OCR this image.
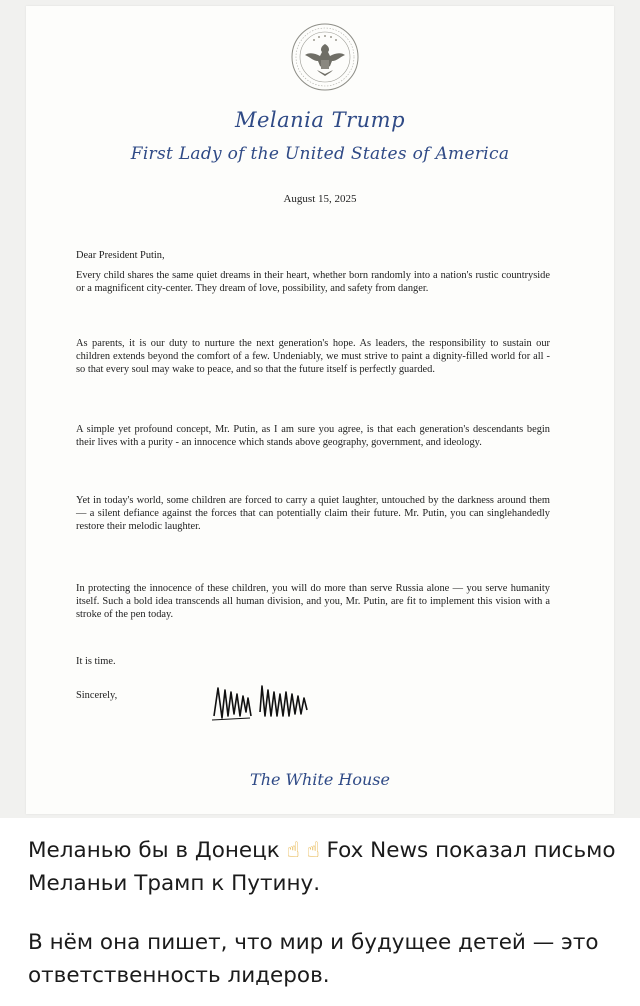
Melania Trump
First Lady of the United States of America
August 15, 2025
Dear President Putin,
Every child shares the same quiet dreams in their heart, whether born randomly into a nation's rustic countryside or a magnificent city-center. They dream of love, possibility, and safety from danger.
As parents, it is our duty to nurture the next generation's hope. As leaders, the responsibility to sustain our children extends beyond the comfort of a few. Undeniably, we must strive to paint a dignity-filled world for all - so that every soul may wake to peace, and so that the future itself is perfectly guarded.
A simple yet profound concept, Mr. Putin, as I am sure you agree, is that each generation's descendants begin their lives with a purity - an innocence which stands above geography, government, and ideology.
Yet in today's world, some children are forced to carry a quiet laughter, untouched by the darkness around them — a silent defiance against the forces that can potentially claim their future. Mr. Putin, you can singlehandedly restore their melodic laughter.
In protecting the innocence of these children, you will do more than serve Russia alone — you serve humanity itself. Such a bold idea transcends all human division, and you, Mr. Putin, are fit to implement this vision with a stroke of the pen today.
It is time.
Sincerely,
The White House
Меланью бы в Донецк ☝ ☝ Fox News показал письмо Меланьи Трамп к Путину.
В нём она пишет, что мир и будущее детей — это ответственность лидеров.
